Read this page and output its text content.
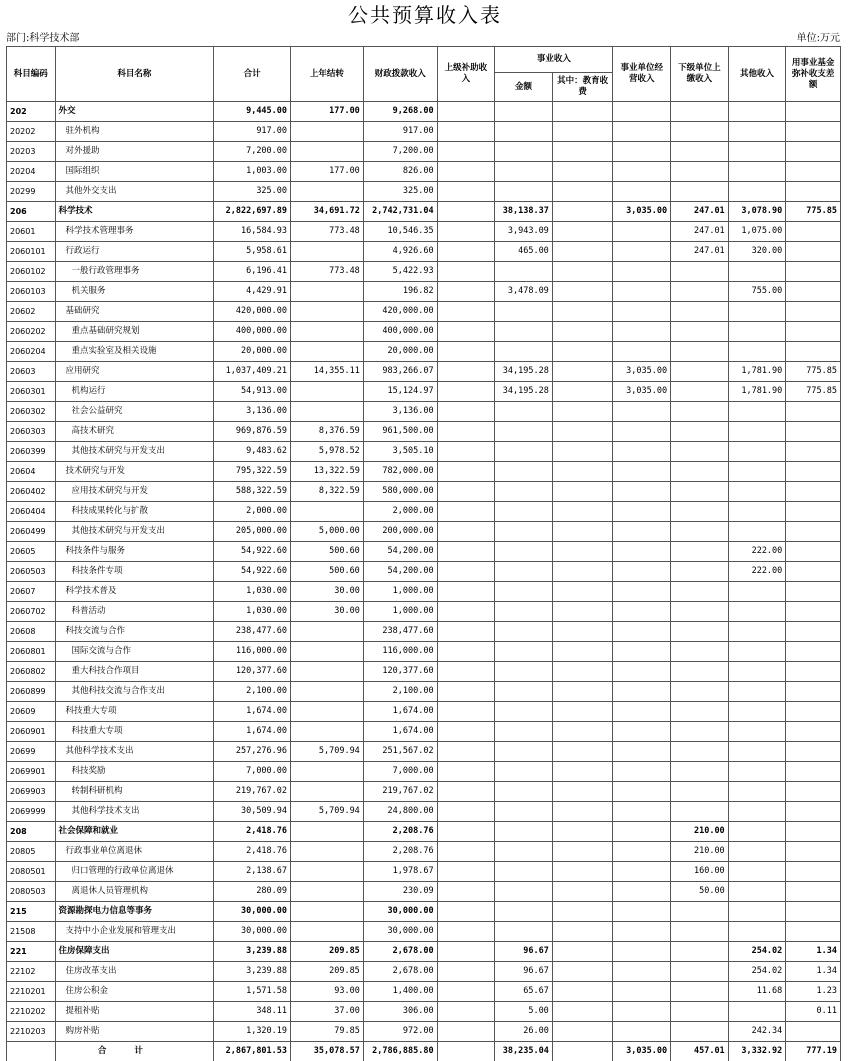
公共预算收入表
部门:科学技术部	单位:万元
科目编码	科目名称	合计	上年结转	财政拨款收入	上级补助收入	事业收入		事业单位经营收入	下级单位上缴收入	其他收入	用事业基金弥补收支差额
						金额	其中：教育收费				
202	外交	9,445.00	177.00	9,268.00							
20202	驻外机构	917.00		917.00							
20203	对外援助	7,200.00		7,200.00							
20204	国际组织	1,003.00	177.00	826.00							
20299	其他外交支出	325.00		325.00							
206	科学技术	2,822,697.89	34,691.72	2,742,731.04		38,138.37		3,035.00	247.01	3,078.90	775.85
20601	科学技术管理事务	16,584.93	773.48	10,546.35		3,943.09			247.01	1,075.00	
2060101	行政运行	5,958.61		4,926.60		465.00			247.01	320.00	
2060102	一般行政管理事务	6,196.41	773.48	5,422.93							
2060103	机关服务	4,429.91		196.82		3,478.09				755.00	
20602	基础研究	420,000.00		420,000.00							
2060202	重点基础研究规划	400,000.00		400,000.00							
2060204	重点实验室及相关设施	20,000.00		20,000.00							
20603	应用研究	1,037,409.21	14,355.11	983,266.07		34,195.28		3,035.00		1,781.90	775.85
2060301	机构运行	54,913.00		15,124.97		34,195.28		3,035.00		1,781.90	775.85
2060302	社会公益研究	3,136.00		3,136.00							
2060303	高技术研究	969,876.59	8,376.59	961,500.00							
2060399	其他技术研究与开发支出	9,483.62	5,978.52	3,505.10							
20604	技术研究与开发	795,322.59	13,322.59	782,000.00							
2060402	应用技术研究与开发	588,322.59	8,322.59	580,000.00							
2060404	科技成果转化与扩散	2,000.00		2,000.00							
2060499	其他技术研究与开发支出	205,000.00	5,000.00	200,000.00							
20605	科技条件与服务	54,922.60	500.60	54,200.00						222.00	
2060503	科技条件专项	54,922.60	500.60	54,200.00						222.00	
20607	科学技术普及	1,030.00	30.00	1,000.00							
2060702	科普活动	1,030.00	30.00	1,000.00							
20608	科技交流与合作	238,477.60		238,477.60							
2060801	国际交流与合作	116,000.00		116,000.00							
2060802	重大科技合作项目	120,377.60		120,377.60							
2060899	其他科技交流与合作支出	2,100.00		2,100.00							
20609	科技重大专项	1,674.00		1,674.00							
2060901	科技重大专项	1,674.00		1,674.00							
20699	其他科学技术支出	257,276.96	5,709.94	251,567.02							
2069901	科技奖励	7,000.00		7,000.00							
2069903	转制科研机构	219,767.02		219,767.02							
2069999	其他科学技术支出	30,509.94	5,709.94	24,800.00							
208	社会保障和就业	2,418.76		2,208.76					210.00		
20805	行政事业单位离退休	2,418.76		2,208.76					210.00		
2080501	归口管理的行政单位离退休	2,138.67		1,978.67					160.00		
2080503	离退休人员管理机构	280.09		230.09					50.00		
215	资源勘探电力信息等事务	30,000.00		30,000.00							
21508	支持中小企业发展和管理支出	30,000.00		30,000.00							
221	住房保障支出	3,239.88	209.85	2,678.00		96.67				254.02	1.34
22102	住房改革支出	3,239.88	209.85	2,678.00		96.67				254.02	1.34
2210201	住房公积金	1,571.58	93.00	1,400.00		65.67				11.68	1.23
2210202	提租补贴	348.11	37.00	306.00		5.00					0.11
2210203	购房补贴	1,320.19	79.85	972.00		26.00				242.34	
	合计	2,867,801.53	35,078.57	2,786,885.80		38,235.04		3,035.00	457.01	3,332.92	777.19
